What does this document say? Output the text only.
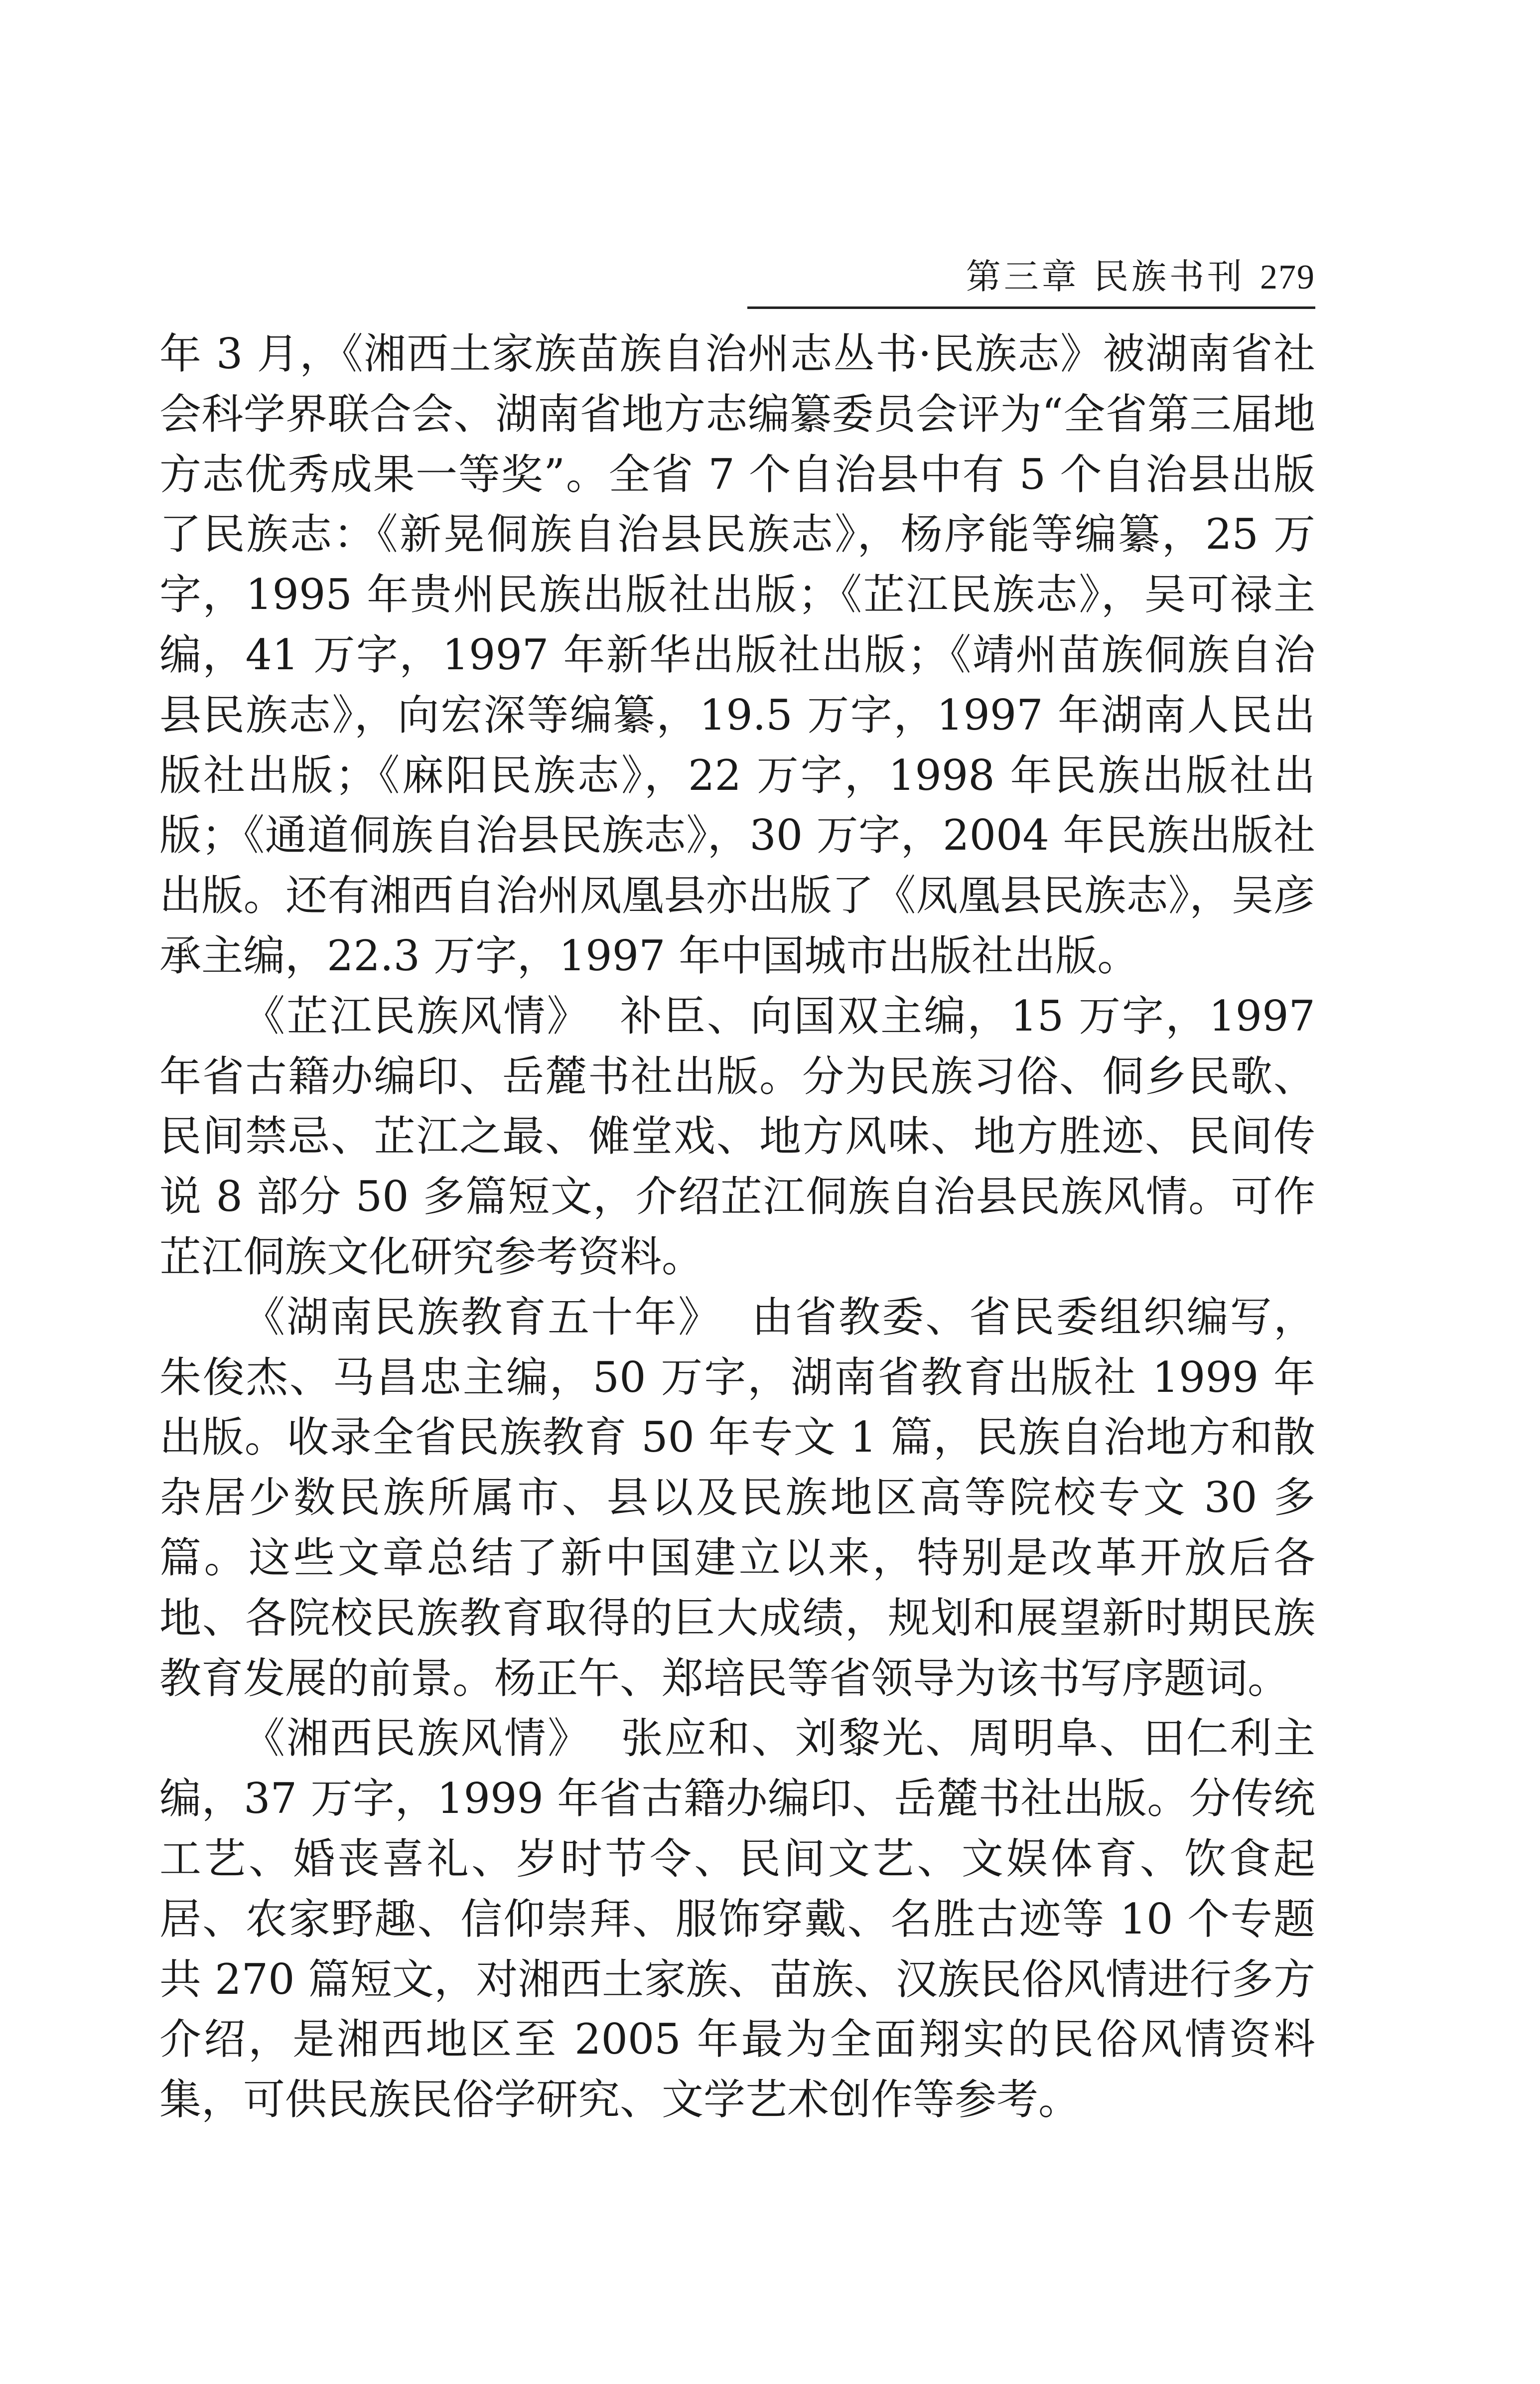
第三章 民族书刊 279

年 3 月，《湘西土家族苗族自治州志丛书·民族志》被湖南省社会科学界联合会、湖南省地方志编纂委员会评为“全省第三届地方志优秀成果一等奖”。全省 7 个自治县中有 5 个自治县出版了民族志：《新晃侗族自治县民族志》，杨序能等编纂，25 万字，1995 年贵州民族出版社出版；《芷江民族志》，吴可禄主编，41 万字，1997 年新华出版社出版；《靖州苗族侗族自治县民族志》，向宏深等编纂，19.5 万字，1997 年湖南人民出版社出版；《麻阳民族志》，22 万字，1998 年民族出版社出版；《通道侗族自治县民族志》，30 万字，2004 年民族出版社出版。还有湘西自治州凤凰县亦出版了《凤凰县民族志》，吴彦承主编，22.3 万字，1997 年中国城市出版社出版。

《芷江民族风情》 补臣、向国双主编，15 万字，1997 年省古籍办编印、岳麓书社出版。分为民族习俗、侗乡民歌、民间禁忌、芷江之最、傩堂戏、地方风味、地方胜迹、民间传说 8 部分 50 多篇短文，介绍芷江侗族自治县民族风情。可作芷江侗族文化研究参考资料。

《湖南民族教育五十年》 由省教委、省民委组织编写，朱俊杰、马昌忠主编，50 万字，湖南省教育出版社 1999 年出版。收录全省民族教育 50 年专文 1 篇，民族自治地方和散杂居少数民族所属市、县以及民族地区高等院校专文 30 多篇。这些文章总结了新中国建立以来，特别是改革开放后各地、各院校民族教育取得的巨大成绩，规划和展望新时期民族教育发展的前景。杨正午、郑培民等省领导为该书写序题词。

《湘西民族风情》 张应和、刘黎光、周明阜、田仁利主编，37 万字，1999 年省古籍办编印、岳麓书社出版。分传统工艺、婚丧喜礼、岁时节令、民间文艺、文娱体育、饮食起居、农家野趣、信仰崇拜、服饰穿戴、名胜古迹等 10 个专题共 270 篇短文，对湘西土家族、苗族、汉族民俗风情进行多方介绍，是湘西地区至 2005 年最为全面翔实的民俗风情资料集，可供民族民俗学研究、文学艺术创作等参考。
